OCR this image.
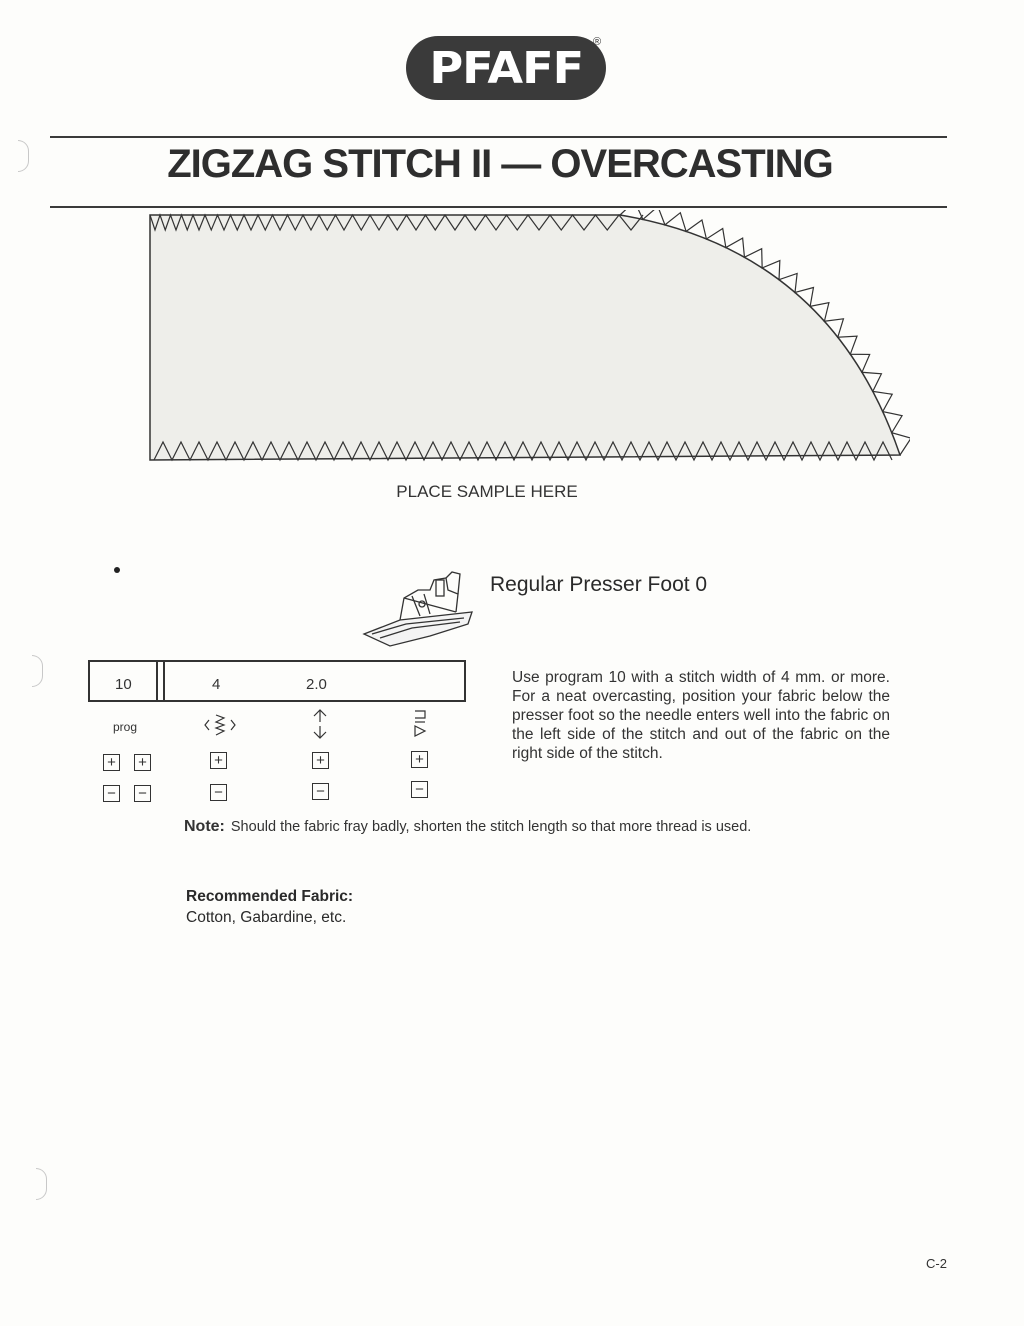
PFAFF
®
ZIGZAG STITCH II — OVERCASTING
PLACE SAMPLE HERE
Regular Presser Foot 0
10	4	2.0
prog
+ +	+	+	+
− −	−	−	−
Use program 10 with a stitch width of 4 mm. or more. For a neat overcasting, position your fabric below the presser foot so the needle enters well into the fabric on the left side of the stitch and out of the fabric on the right side of the stitch.
Note: Should the fabric fray badly, shorten the stitch length so that more thread is used.
Recommended Fabric:
Cotton, Gabardine, etc.
C-2
